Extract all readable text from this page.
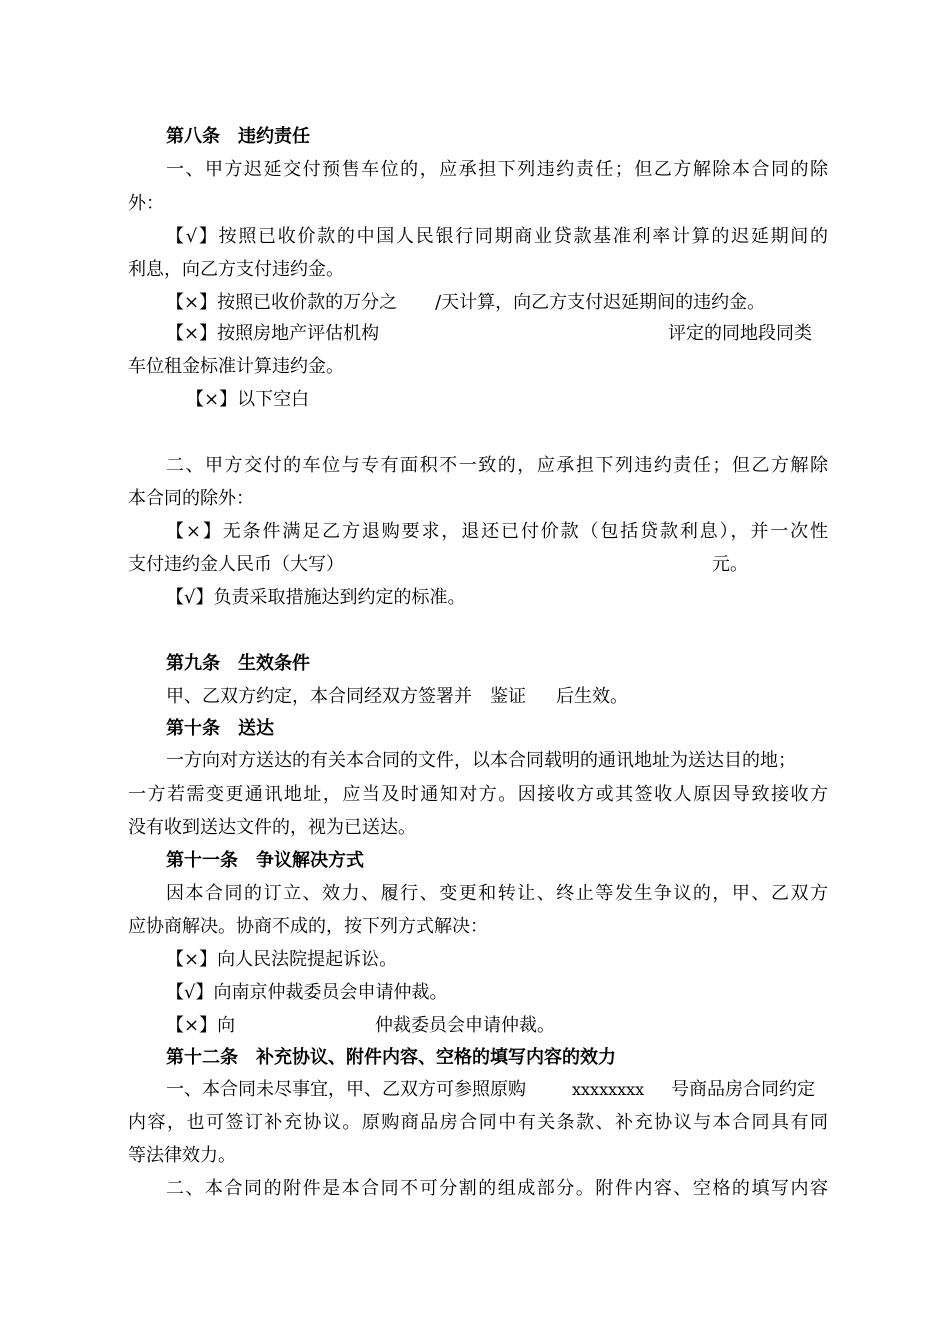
第八条　违约责任
一、甲方迟延交付预售车位的，应承担下列违约责任；但乙方解除本合同的除
外：
【√】按照已收价款的中国人民银行同期商业贷款基准利率计算的迟延期间的
利息，向乙方支付违约金。
【×】按照已收价款的万分之 /天计算，向乙方支付迟延期间的违约金。
【×】按照房地产评估机构	评定的同地段同类
车位租金标准计算违约金。
【×】以下空白
二、甲方交付的车位与专有面积不一致的，应承担下列违约责任；但乙方解除
本合同的除外：
【×】无条件满足乙方退购要求，退还已付价款（包括贷款利息），并一次性
支付违约金人民币（大写）	元。
【√】负责采取措施达到约定的标准。
第九条　生效条件
甲、乙双方约定，本合同经双方签署并 鉴证 后生效。
第十条　送达
一方向对方送达的有关本合同的文件，以本合同载明的通讯地址为送达目的地；
一方若需变更通讯地址，应当及时通知对方。因接收方或其签收人原因导致接收方
没有收到送达文件的，视为已送达。
第十一条　争议解决方式
因本合同的订立、效力、履行、变更和转让、终止等发生争议的，甲、乙双方
应协商解决。协商不成的，按下列方式解决：
【×】向人民法院提起诉讼。
【√】向南京仲裁委员会申请仲裁。
【×】向	仲裁委员会申请仲裁。
第十二条　补充协议、附件内容、空格的填写内容的效力
一、本合同未尽事宜，甲、乙双方可参照原购	xxxxxxxx 号商品房合同约定
内容，也可签订补充协议。原购商品房合同中有关条款、补充协议与本合同具有同
等法律效力。
二、本合同的附件是本合同不可分割的组成部分。附件内容、空格的填写内容
